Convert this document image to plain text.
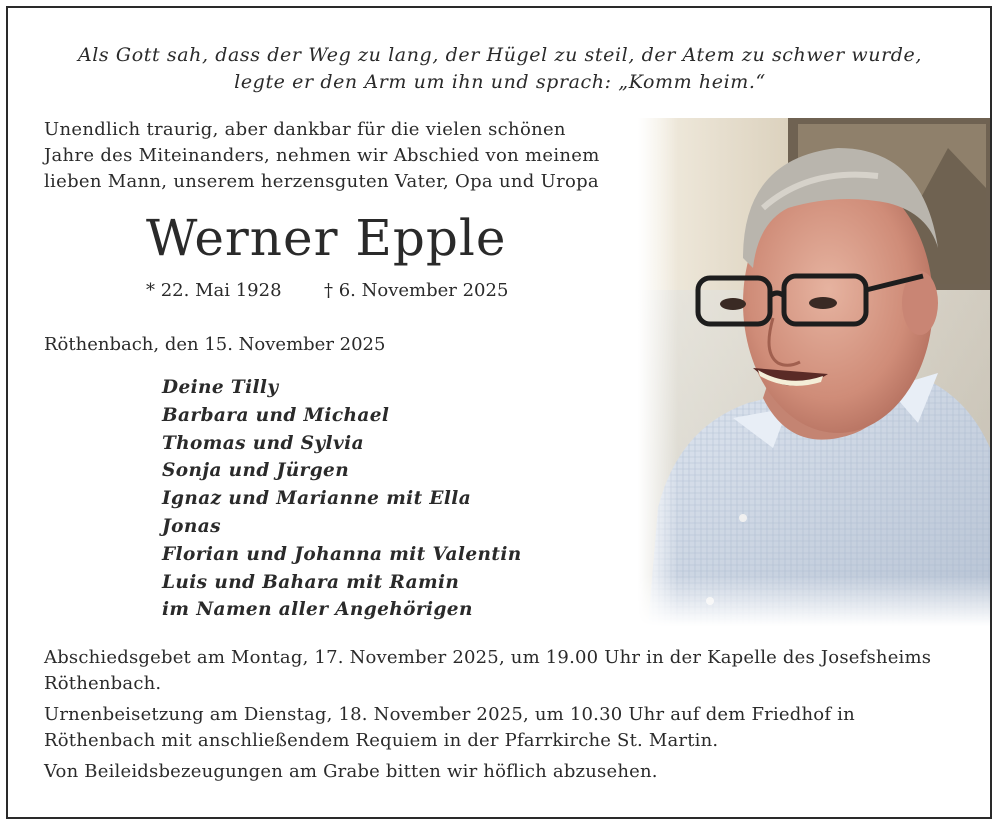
Als Gott sah, dass der Weg zu lang, der Hügel zu steil, der Atem zu schwer wurde,
legte er den Arm um ihn und sprach: „Komm heim.“
Unendlich traurig, aber dankbar für die vielen schönen
Jahre des Miteinanders, nehmen wir Abschied von meinem
lieben Mann, unserem herzensguten Vater, Opa und Uropa
Werner Epple
* 22. Mai 1928 † 6. November 2025
Röthenbach, den 15. November 2025
Deine Tilly
Barbara und Michael
Thomas und Sylvia
Sonja und Jürgen
Ignaz und Marianne mit Ella
Jonas
Florian und Johanna mit Valentin
Luis und Bahara mit Ramin
im Namen aller Angehörigen

Abschiedsgebet am Montag, 17. November 2025, um 19.00 Uhr in der Kapelle des Josefsheims Röthenbach.

Urnenbeisetzung am Dienstag, 18. November 2025, um 10.30 Uhr auf dem Friedhof in Röthenbach mit anschließendem Requiem in der Pfarrkirche St. Martin.

Von Beileidsbezeugungen am Grabe bitten wir höflich abzusehen.
